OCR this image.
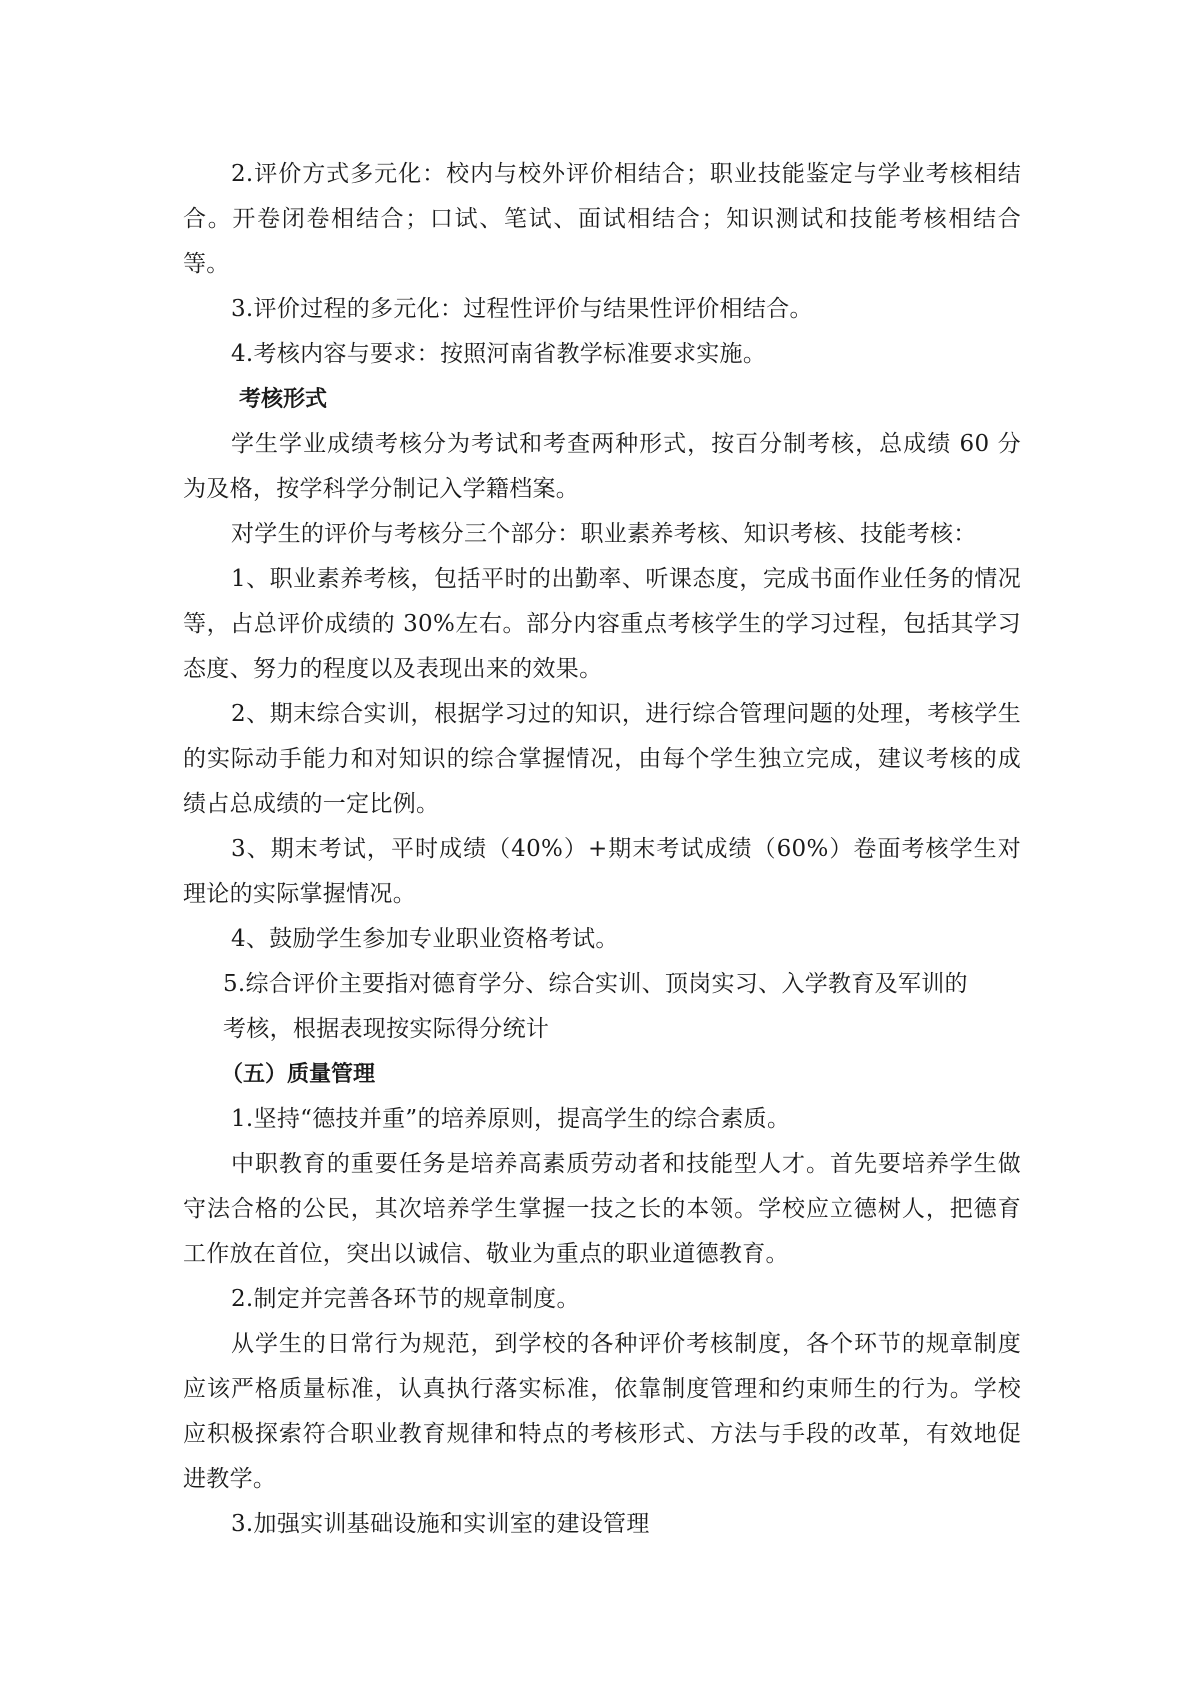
2.评价方式多元化：校内与校外评价相结合；职业技能鉴定与学业考核相结合。开卷闭卷相结合；口试、笔试、面试相结合；知识测试和技能考核相结合等。

3.评价过程的多元化：过程性评价与结果性评价相结合。

4.考核内容与要求：按照河南省教学标准要求实施。

考核形式

学生学业成绩考核分为考试和考查两种形式，按百分制考核，总成绩 60 分为及格，按学科学分制记入学籍档案。

对学生的评价与考核分三个部分：职业素养考核、知识考核、技能考核：

1、职业素养考核，包括平时的出勤率、听课态度，完成书面作业任务的情况等，占总评价成绩的 30%左右。部分内容重点考核学生的学习过程，包括其学习态度、努力的程度以及表现出来的效果。

2、期末综合实训，根据学习过的知识，进行综合管理问题的处理，考核学生的实际动手能力和对知识的综合掌握情况，由每个学生独立完成，建议考核的成绩占总成绩的一定比例。

3、期末考试，平时成绩（40%）+期末考试成绩（60%）卷面考核学生对理论的实际掌握情况。

4、鼓励学生参加专业职业资格考试。

5.综合评价主要指对德育学分、综合实训、顶岗实习、入学教育及军训的

考核，根据表现按实际得分统计

（五）质量管理

1.坚持“德技并重”的培养原则，提高学生的综合素质。

中职教育的重要任务是培养高素质劳动者和技能型人才。首先要培养学生做守法合格的公民，其次培养学生掌握一技之长的本领。学校应立德树人，把德育工作放在首位，突出以诚信、敬业为重点的职业道德教育。

2.制定并完善各环节的规章制度。

从学生的日常行为规范，到学校的各种评价考核制度，各个环节的规章制度应该严格质量标准，认真执行落实标准，依靠制度管理和约束师生的行为。学校应积极探索符合职业教育规律和特点的考核形式、方法与手段的改革，有效地促进教学。

3.加强实训基础设施和实训室的建设管理
